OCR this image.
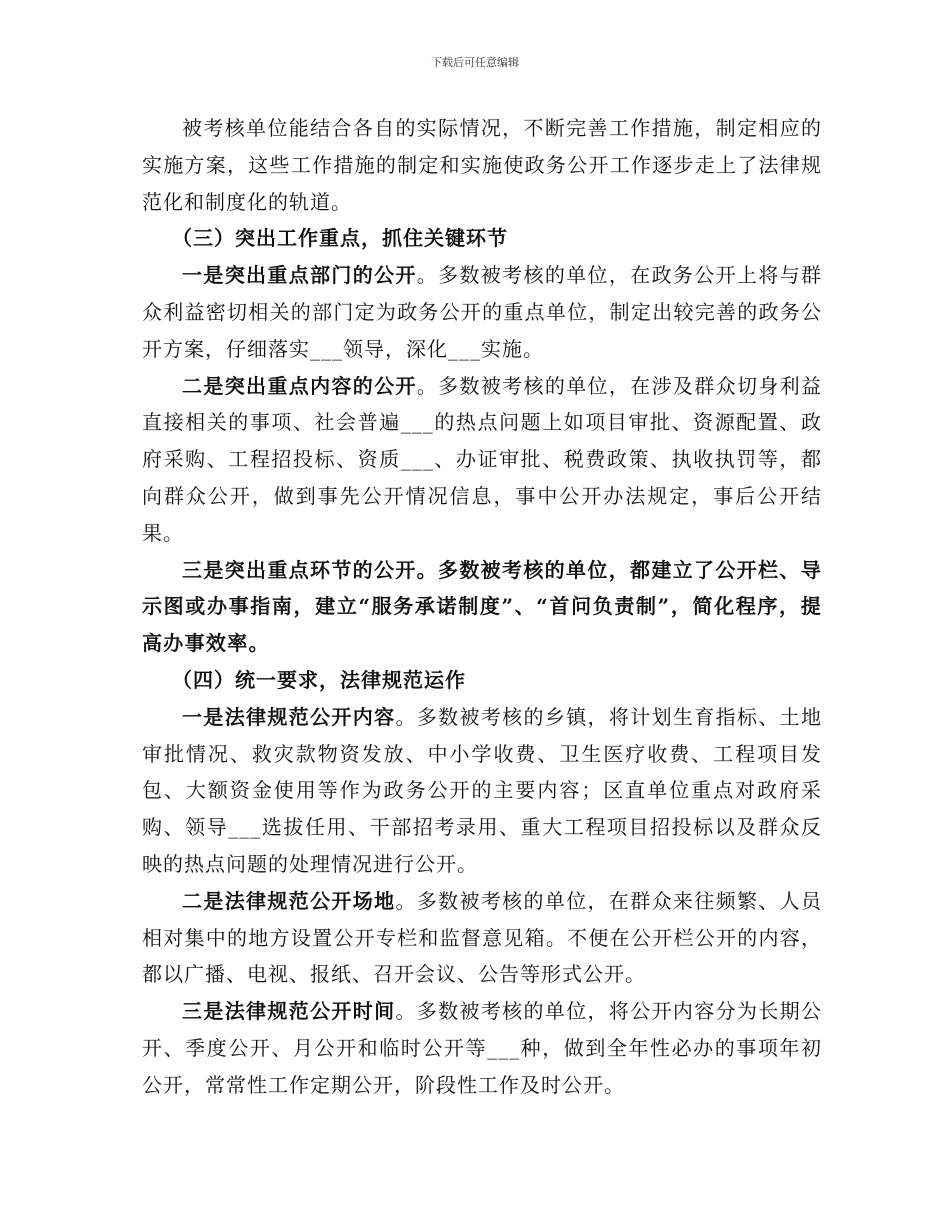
下载后可任意编辑

被考核单位能结合各自的实际情况，不断完善工作措施，制定相应的实施方案，这些工作措施的制定和实施使政务公开工作逐步走上了法律规范化和制度化的轨道。

（三）突出工作重点，抓住关键环节

一是突出重点部门的公开。多数被考核的单位，在政务公开上将与群众利益密切相关的部门定为政务公开的重点单位，制定出较完善的政务公开方案，仔细落实___领导，深化___实施。

二是突出重点内容的公开。多数被考核的单位，在涉及群众切身利益直接相关的事项、社会普遍___的热点问题上如项目审批、资源配置、政府采购、工程招投标、资质___、办证审批、税费政策、执收执罚等，都向群众公开，做到事先公开情况信息，事中公开办法规定，事后公开结果。

三是突出重点环节的公开。多数被考核的单位，都建立了公开栏、导示图或办事指南，建立“服务承诺制度”、“首问负责制”，简化程序，提高办事效率。

（四）统一要求，法律规范运作

一是法律规范公开内容。多数被考核的乡镇，将计划生育指标、土地审批情况、救灾款物资发放、中小学收费、卫生医疗收费、工程项目发包、大额资金使用等作为政务公开的主要内容；区直单位重点对政府采购、领导___选拔任用、干部招考录用、重大工程项目招投标以及群众反映的热点问题的处理情况进行公开。

二是法律规范公开场地。多数被考核的单位，在群众来往频繁、人员相对集中的地方设置公开专栏和监督意见箱。不便在公开栏公开的内容，都以广播、电视、报纸、召开会议、公告等形式公开。

三是法律规范公开时间。多数被考核的单位，将公开内容分为长期公开、季度公开、月公开和临时公开等___种，做到全年性必办的事项年初公开，常常性工作定期公开，阶段性工作及时公开。
